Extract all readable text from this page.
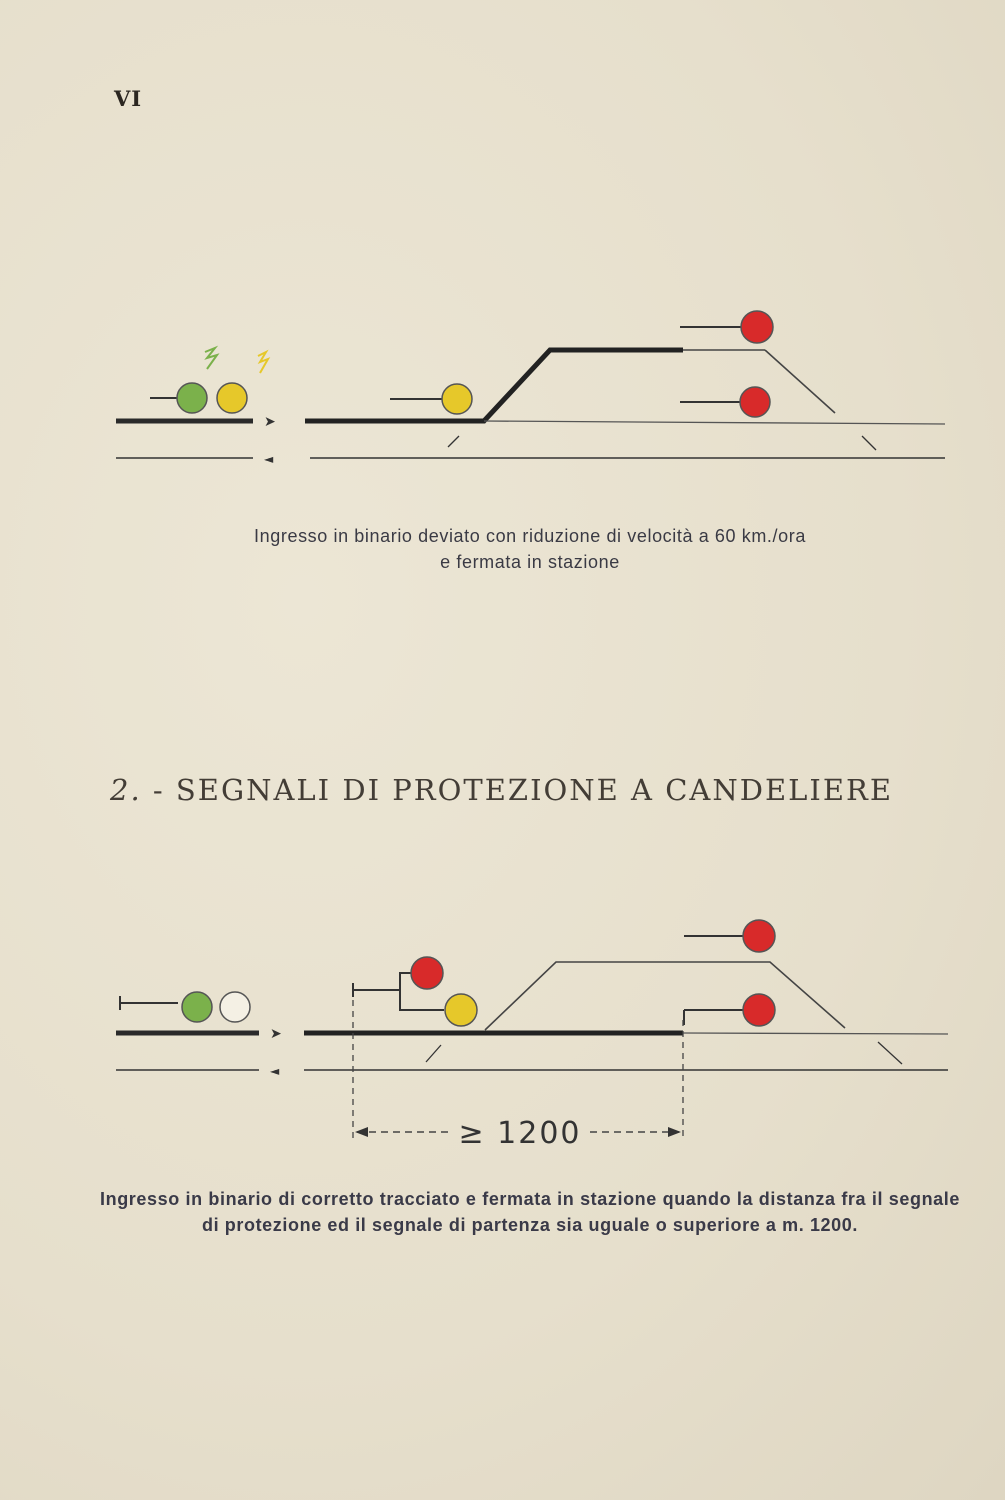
VI
➤
◄
Ingresso in binario deviato con riduzione di velocità a 60 km./ora
e fermata in stazione
2. - SEGNALI DI PROTEZIONE A CANDELIERE
➤
◄
≥ 1200
Ingresso in binario di corretto tracciato e fermata in stazione quando la distanza fra il segnale di protezione ed il segnale di partenza sia uguale o superiore a m. 1200.
